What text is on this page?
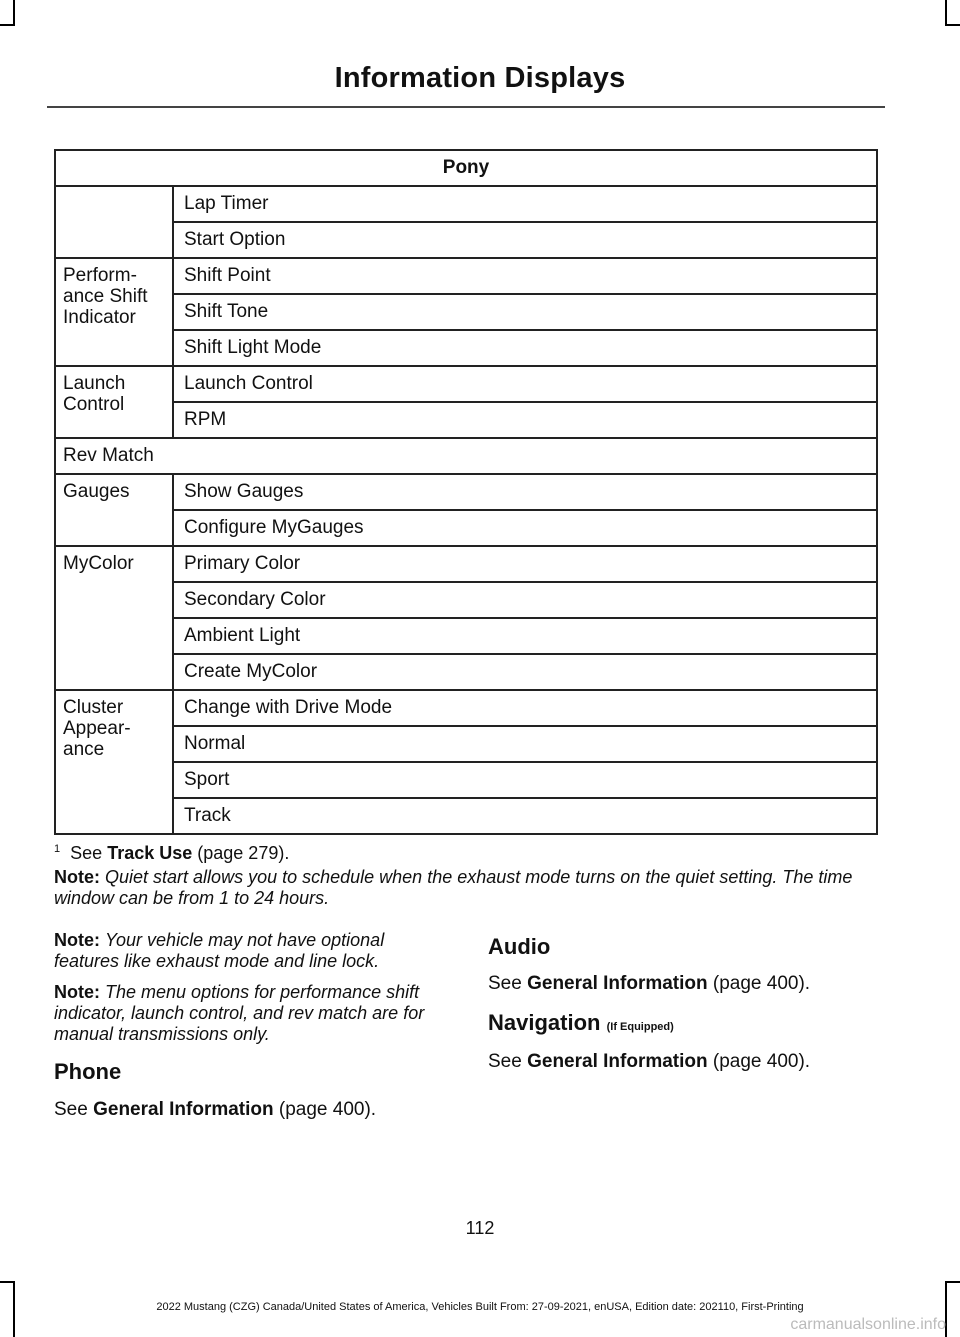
Information Displays
Pony	
	Lap Timer
	Start Option
Perform-
ance Shift
Indicator	Shift Point
	Shift Tone
	Shift Light Mode
Launch
Control	Launch Control
	RPM
Rev Match	
Gauges	Show Gauges
	Configure MyGauges
MyColor	Primary Color
	Secondary Color
	Ambient Light
	Create MyColor
Cluster
Appear-
ance	Change with Drive Mode
	Normal
	Sport
	Track
$^1$ See Track Use (page 279).
Note: Quiet start allows you to schedule when the exhaust mode turns on the quiet setting. The time window can be from 1 to 24 hours.
Note: Your vehicle may not have optional features like exhaust mode and line lock.
Note: The menu options for performance shift indicator, launch control, and rev match are for manual transmissions only.
Phone
See General Information (page 400).
Audio
See General Information (page 400).
Navigation (If Equipped)
See General Information (page 400).
112
2022 Mustang (CZG) Canada/United States of America, Vehicles Built From: 27-09-2021, enUSA, Edition date: 202110, First-Printing
carmanualsonline.info
